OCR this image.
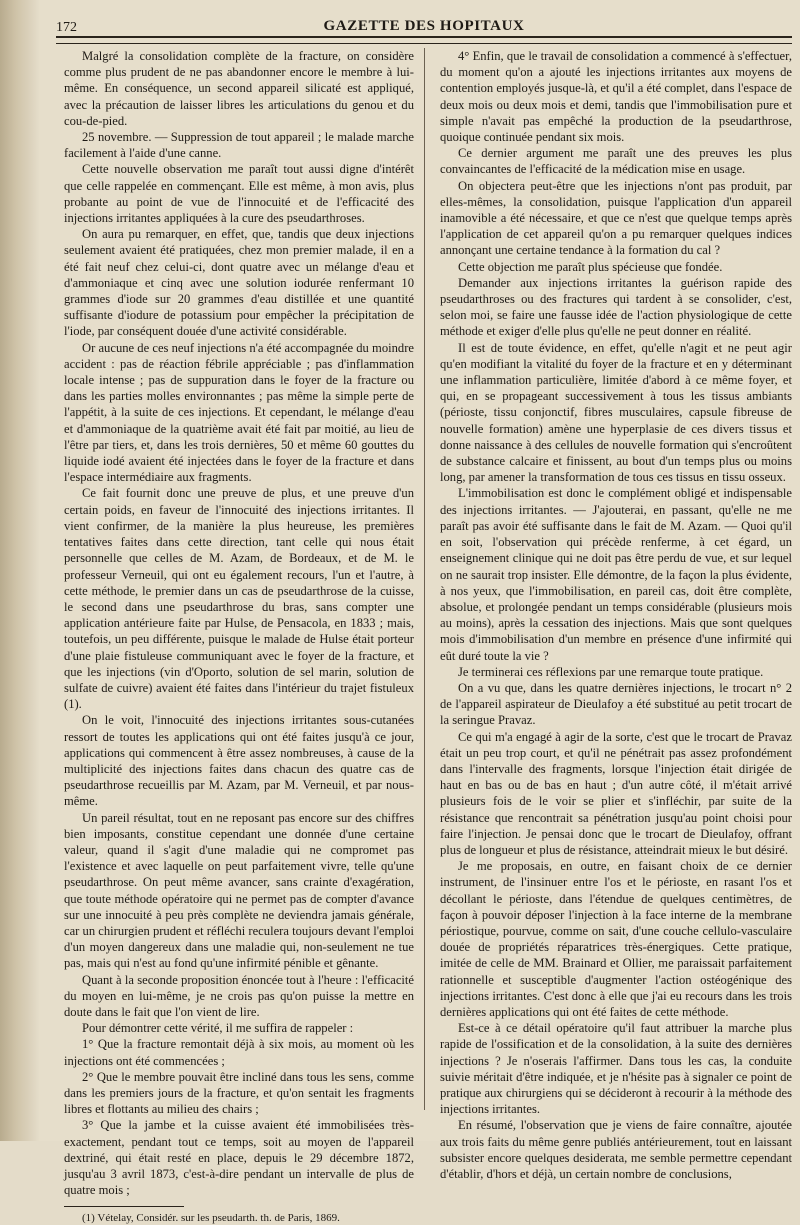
172	GAZETTE DES HOPITAUX

Malgré la consolidation complète de la fracture, on considère comme plus prudent de ne pas abandonner encore le membre à lui-même. En conséquence, un second appareil silicaté est appliqué, avec la précaution de laisser libres les articulations du genou et du cou-de-pied.

25 novembre. — Suppression de tout appareil ; le malade marche facilement à l'aide d'une canne.

Cette nouvelle observation me paraît tout aussi digne d'intérêt que celle rappelée en commençant. Elle est même, à mon avis, plus probante au point de vue de l'innocuité et de l'efficacité des injections irritantes appliquées à la cure des pseudarthroses.

On aura pu remarquer, en effet, que, tandis que deux injections seulement avaient été pratiquées, chez mon premier malade, il en a été fait neuf chez celui-ci, dont quatre avec un mélange d'eau et d'ammoniaque et cinq avec une solution iodurée renfermant 10 grammes d'iode sur 20 grammes d'eau distillée et une quantité suffisante d'iodure de potassium pour empêcher la précipitation de l'iode, par conséquent douée d'une activité considérable.

Or aucune de ces neuf injections n'a été accompagnée du moindre accident : pas de réaction fébrile appréciable ; pas d'inflammation locale intense ; pas de suppuration dans le foyer de la fracture ou dans les parties molles environnantes ; pas même la simple perte de l'appétit, à la suite de ces injections. Et cependant, le mélange d'eau et d'ammoniaque de la quatrième avait été fait par moitié, au lieu de l'être par tiers, et, dans les trois dernières, 50 et même 60 gouttes du liquide iodé avaient été injectées dans le foyer de la fracture et dans l'espace intermédiaire aux fragments.

Ce fait fournit donc une preuve de plus, et une preuve d'un certain poids, en faveur de l'innocuité des injections irritantes. Il vient confirmer, de la manière la plus heureuse, les premières tentatives faites dans cette direction, tant celle qui nous était personnelle que celles de M. Azam, de Bordeaux, et de M. le professeur Verneuil, qui ont eu également recours, l'un et l'autre, à cette méthode, le premier dans un cas de pseudarthrose de la cuisse, le second dans une pseudarthrose du bras, sans compter une application antérieure faite par Hulse, de Pensacola, en 1833 ; mais, toutefois, un peu différente, puisque le malade de Hulse était porteur d'une plaie fistuleuse communiquant avec le foyer de la fracture, et que les injections (vin d'Oporto, solution de sel marin, solution de sulfate de cuivre) avaient été faites dans l'intérieur du trajet fistuleux (1).

On le voit, l'innocuité des injections irritantes sous-cutanées ressort de toutes les applications qui ont été faites jusqu'à ce jour, applications qui commencent à être assez nombreuses, à cause de la multiplicité des injections faites dans chacun des quatre cas de pseudarthrose recueillis par M. Azam, par M. Verneuil, et par nous-même.

Un pareil résultat, tout en ne reposant pas encore sur des chiffres bien imposants, constitue cependant une donnée d'une certaine valeur, quand il s'agit d'une maladie qui ne compromet pas l'existence et avec laquelle on peut parfaitement vivre, telle qu'une pseudarthrose. On peut même avancer, sans crainte d'exagération, que toute méthode opératoire qui ne permet pas de compter d'avance sur une innocuité à peu près complète ne deviendra jamais générale, car un chirurgien prudent et réfléchi reculera toujours devant l'emploi d'un moyen dangereux dans une maladie qui, non-seulement ne tue pas, mais qui n'est au fond qu'une infirmité pénible et gênante.

Quant à la seconde proposition énoncée tout à l'heure : l'efficacité du moyen en lui-même, je ne crois pas qu'on puisse la mettre en doute dans le fait que l'on vient de lire.

Pour démontrer cette vérité, il me suffira de rappeler :

1° Que la fracture remontait déjà à six mois, au moment où les injections ont été commencées ;

2° Que le membre pouvait être incliné dans tous les sens, comme dans les premiers jours de la fracture, et qu'on sentait les fragments libres et flottants au milieu des chairs ;

3° Que la jambe et la cuisse avaient été immobilisées très-exactement, pendant tout ce temps, soit au moyen de l'appareil dextriné, qui était resté en place, depuis le 29 décembre 1872, jusqu'au 3 avril 1873, c'est-à-dire pendant un intervalle de plus de quatre mois ;

(1) Vételay, Considér. sur les pseudarth. th. de Paris, 1869.

4° Enfin, que le travail de consolidation a commencé à s'effectuer, du moment qu'on a ajouté les injections irritantes aux moyens de contention employés jusque-là, et qu'il a été complet, dans l'espace de deux mois ou deux mois et demi, tandis que l'immobilisation pure et simple n'avait pas empêché la production de la pseudarthrose, quoique continuée pendant six mois.

Ce dernier argument me paraît une des preuves les plus convaincantes de l'efficacité de la médication mise en usage.

On objectera peut-être que les injections n'ont pas produit, par elles-mêmes, la consolidation, puisque l'application d'un appareil inamovible a été nécessaire, et que ce n'est que quelque temps après l'application de cet appareil qu'on a pu remarquer quelques indices annonçant une certaine tendance à la formation du cal ?

Cette objection me paraît plus spécieuse que fondée.

Demander aux injections irritantes la guérison rapide des pseudarthroses ou des fractures qui tardent à se consolider, c'est, selon moi, se faire une fausse idée de l'action physiologique de cette méthode et exiger d'elle plus qu'elle ne peut donner en réalité.

Il est de toute évidence, en effet, qu'elle n'agit et ne peut agir qu'en modifiant la vitalité du foyer de la fracture et en y déterminant une inflammation particulière, limitée d'abord à ce même foyer, et qui, en se propageant successivement à tous les tissus ambiants (périoste, tissu conjonctif, fibres musculaires, capsule fibreuse de nouvelle formation) amène une hyperplasie de ces divers tissus et donne naissance à des cellules de nouvelle formation qui s'encroûtent de substance calcaire et finissent, au bout d'un temps plus ou moins long, par amener la transformation de tous ces tissus en tissu osseux.

L'immobilisation est donc le complément obligé et indispensable des injections irritantes. — J'ajouterai, en passant, qu'elle ne me paraît pas avoir été suffisante dans le fait de M. Azam. — Quoi qu'il en soit, l'observation qui précède renferme, à cet égard, un enseignement clinique qui ne doit pas être perdu de vue, et sur lequel on ne saurait trop insister. Elle démontre, de la façon la plus évidente, à nos yeux, que l'immobilisation, en pareil cas, doit être complète, absolue, et prolongée pendant un temps considérable (plusieurs mois au moins), après la cessation des injections. Mais que sont quelques mois d'immobilisation d'un membre en présence d'une infirmité qui eût duré toute la vie ?

Je terminerai ces réflexions par une remarque toute pratique.

On a vu que, dans les quatre dernières injections, le trocart n° 2 de l'appareil aspirateur de Dieulafoy a été substitué au petit trocart de la seringue Pravaz.

Ce qui m'a engagé à agir de la sorte, c'est que le trocart de Pravaz était un peu trop court, et qu'il ne pénétrait pas assez profondément dans l'intervalle des fragments, lorsque l'injection était dirigée de haut en bas ou de bas en haut ; d'un autre côté, il m'était arrivé plusieurs fois de le voir se plier et s'infléchir, par suite de la résistance que rencontrait sa pénétration jusqu'au point choisi pour faire l'injection. Je pensai donc que le trocart de Dieulafoy, offrant plus de longueur et plus de résistance, atteindrait mieux le but désiré.

Je me proposais, en outre, en faisant choix de ce dernier instrument, de l'insinuer entre l'os et le périoste, en rasant l'os et décollant le périoste, dans l'étendue de quelques centimètres, de façon à pouvoir déposer l'injection à la face interne de la membrane périostique, pourvue, comme on sait, d'une couche cellulo-vasculaire douée de propriétés réparatrices très-énergiques. Cette pratique, imitée de celle de MM. Brainard et Ollier, me paraissait parfaitement rationnelle et susceptible d'augmenter l'action ostéogénique des injections irritantes. C'est donc à elle que j'ai eu recours dans les trois dernières applications qui ont été faites de cette méthode.

Est-ce à ce détail opératoire qu'il faut attribuer la marche plus rapide de l'ossification et de la consolidation, à la suite des dernières injections ? Je n'oserais l'affirmer. Dans tous les cas, la conduite suivie méritait d'être indiquée, et je n'hésite pas à signaler ce point de pratique aux chirurgiens qui se décideront à recourir à la méthode des injections irritantes.

En résumé, l'observation que je viens de faire connaître, ajoutée aux trois faits du même genre publiés antérieurement, tout en laissant subsister encore quelques desiderata, me semble permettre cependant d'établir, d'hors et déjà, un certain nombre de conclusions,
